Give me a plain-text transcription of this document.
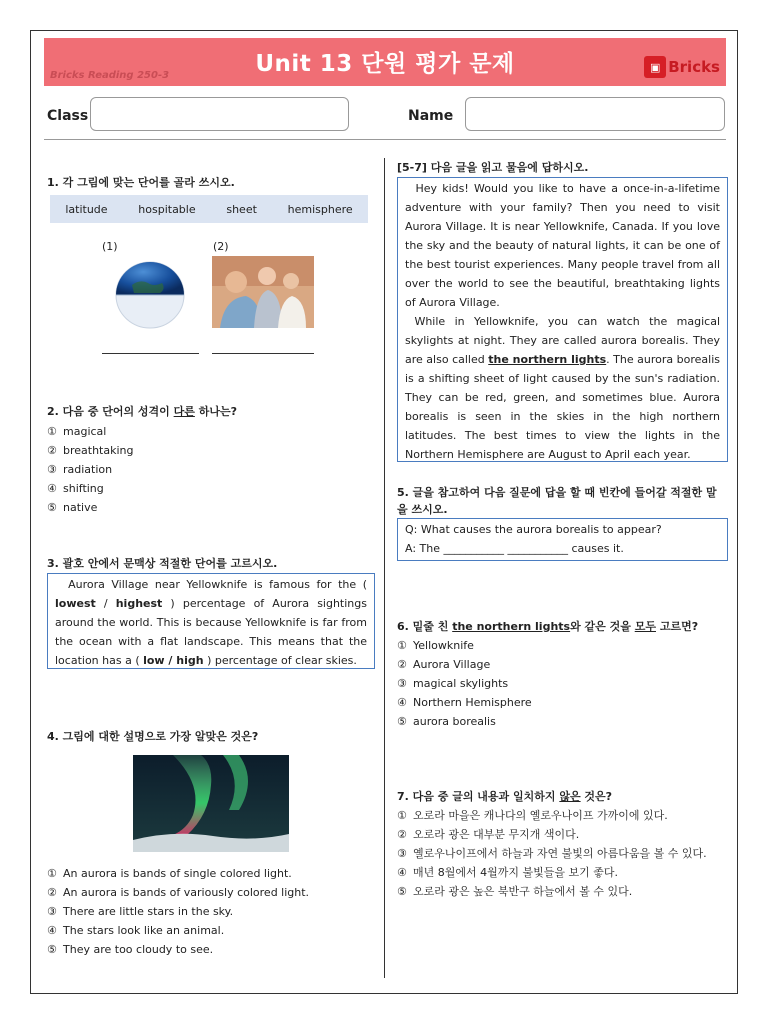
Unit 13 단원 평가 문제
Bricks Reading 250-3
▣ Bricks
Class	Name
1. 각 그림에 맞는 단어를 골라 쓰시오.
latitude	hospitable	sheet	hemisphere
(1)	(2)
2. 다음 중 단어의 성격이 다른 하나는?
① magical
② breathtaking
③ radiation
④ shifting
⑤ native
3. 괄호 안에서 문맥상 적절한 단어를 고르시오.
Aurora Village near Yellowknife is famous for the ( lowest / highest ) percentage of Aurora sightings around the world. This is because Yellowknife is far from the ocean with a flat landscape. This means that the location has a ( low / high ) percentage of clear skies.
4. 그림에 대한 설명으로 가장 알맞은 것은?
① An aurora is bands of single colored light.
② An aurora is bands of variously colored light.
③ There are little stars in the sky.
④ The stars look like an animal.
⑤ They are too cloudy to see.
[5-7] 다음 글을 읽고 물음에 답하시오.
Hey kids! Would you like to have a once-in-a-lifetime adventure with your family? Then you need to visit Aurora Village. It is near Yellowknife, Canada. If you love the sky and the beauty of natural lights, it can be one of the best tourist experiences. Many people travel from all over the world to see the beautiful, breathtaking lights of Aurora Village.
While in Yellowknife, you can watch the magical skylights at night. They are called aurora borealis. They are also called the northern lights. The aurora borealis is a shifting sheet of light caused by the sun's radiation. They can be red, green, and sometimes blue. Aurora borealis is seen in the skies in the high northern latitudes. The best times to view the lights in the Northern Hemisphere are August to April each year.
5. 글을 참고하여 다음 질문에 답을 할 때 빈칸에 들어갈 적절한 말을 쓰시오.
Q: What causes the aurora borealis to appear?
A: The ___________ ___________ causes it.
6. 밑줄 친 the northern lights와 같은 것을 모두 고르면?
① Yellowknife
② Aurora Village
③ magical skylights
④ Northern Hemisphere
⑤ aurora borealis
7. 다음 중 글의 내용과 일치하지 않은 것은?
① 오로라 마을은 캐나다의 옐로우나이프 가까이에 있다.
② 오로라 광은 대부분 무지개 색이다.
③ 옐로우나이프에서 하늘과 자연 불빛의 아름다움을 볼 수 있다.
④ 매년 8월에서 4월까지 불빛들을 보기 좋다.
⑤ 오로라 광은 높은 북반구 하늘에서 볼 수 있다.
